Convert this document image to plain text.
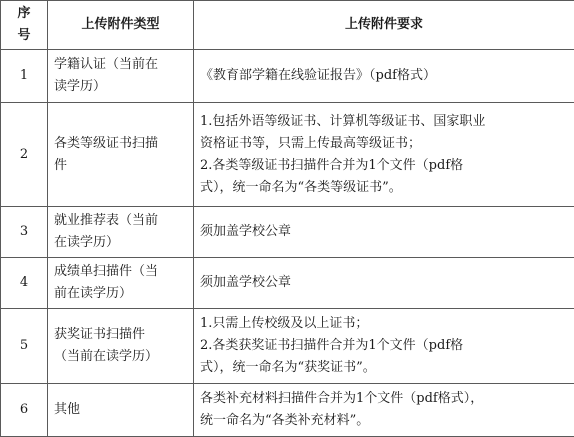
序
号	上传附件类型	上传附件要求
1	学籍认证（当前在
读学历）	《教育部学籍在线验证报告》（pdf格式）

2	各类等级证书扫描
件	1.包括外语等级证书、计算机等级证书、国家职业
资格证书等，只需上传最高等级证书；
2.各类等级证书扫描件合并为1个文件（pdf格
式），统一命名为“各类等级证书”。

3	就业推荐表（当前
在读学历）	须加盖学校公章

4	成绩单扫描件（当
前在读学历）	须加盖学校公章

5	获奖证书扫描件
（当前在读学历）	1.只需上传校级及以上证书；
2.各类获奖证书扫描件合并为1个文件（pdf格
式），统一命名为“获奖证书”。

6	其他	各类补充材料扫描件合并为1个文件（pdf格式），
统一命名为“各类补充材料”。
